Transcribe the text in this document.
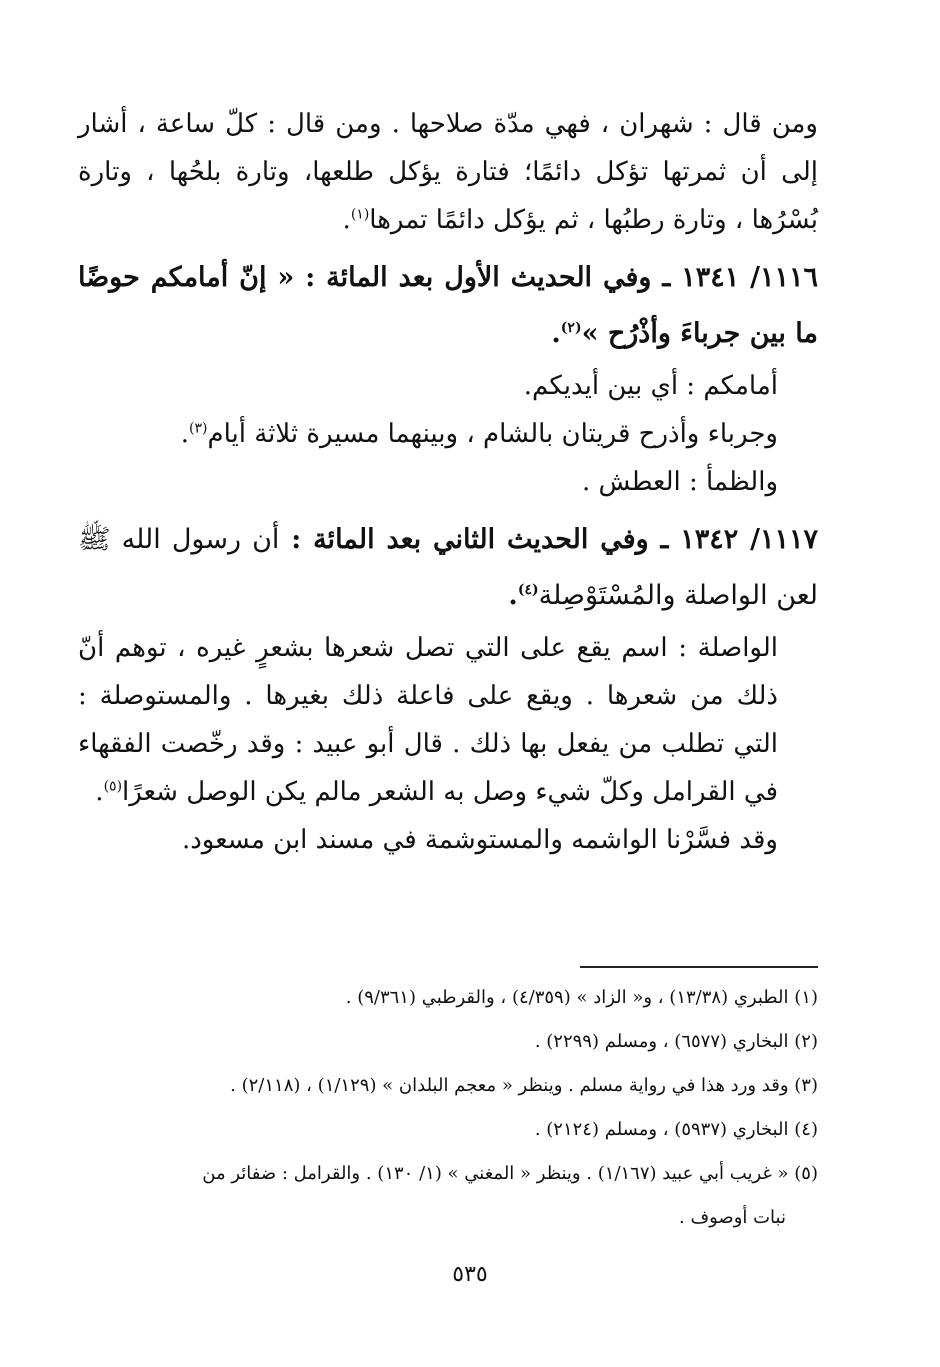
ومن قال : شهران ، فهي مدّة صلاحها . ومن قال : كلّ ساعة ، أشار إلى أن ثمرتها تؤكل دائمًا؛ فتارة يؤكل طلعها، وتارة بلحُها ، وتارة بُسْرُها ، وتارة رطبُها ، ثم يؤكل دائمًا تمرها$^{(١)}$.

١١١٦/ ١٣٤١ ـ وفي الحديث الأول بعد المائة : « إنّ أمامكم حوضًا ما بين جرباءَ وأذْرُح »$^{(٢)}$.

أمامكم : أي بين أيديكم.

وجرباء وأذرح قريتان بالشام ، وبينهما مسيرة ثلاثة أيام$^{(٣)}$.

والظمأ : العطش .

١١١٧/ ١٣٤٢ ـ وفي الحديث الثاني بعد المائة : أن رسول الله ﷺ لعن الواصلة والمُسْتَوْصِلة$^{(٤)}$.

الواصلة : اسم يقع على التي تصل شعرها بشعرٍ غيره ، توهم أنّ ذلك من شعرها . ويقع على فاعلة ذلك بغيرها . والمستوصلة : التي تطلب من يفعل بها ذلك . قال أبو عبيد : وقد رخّصت الفقهاء في القرامل وكلّ شيء وصل به الشعر مالم يكن الوصل شعرًا$^{(٥)}$.

وقد فسَّرْنا الواشمه والمستوشمة في مسند ابن مسعود.

(١) الطبري (١٣/٣٨) ، و« الزاد » (٤/٣٥٩) ، والقرطبي (٩/٣٦١) .

(٢) البخاري (٦٥٧٧) ، ومسلم (٢٢٩٩) .

(٣) وقد ورد هذا في رواية مسلم . وينظر « معجم البلدان » (١/١٢٩) ، (٢/١١٨) .

(٤) البخاري (٥٩٣٧) ، ومسلم (٢١٢٤) .

(٥) « غريب أبي عبيد (١/١٦٧) . وينظر « المغني » (١/ ١٣٠) . والقرامل : ضفائر من

نبات أوصوف .

٥٣٥
